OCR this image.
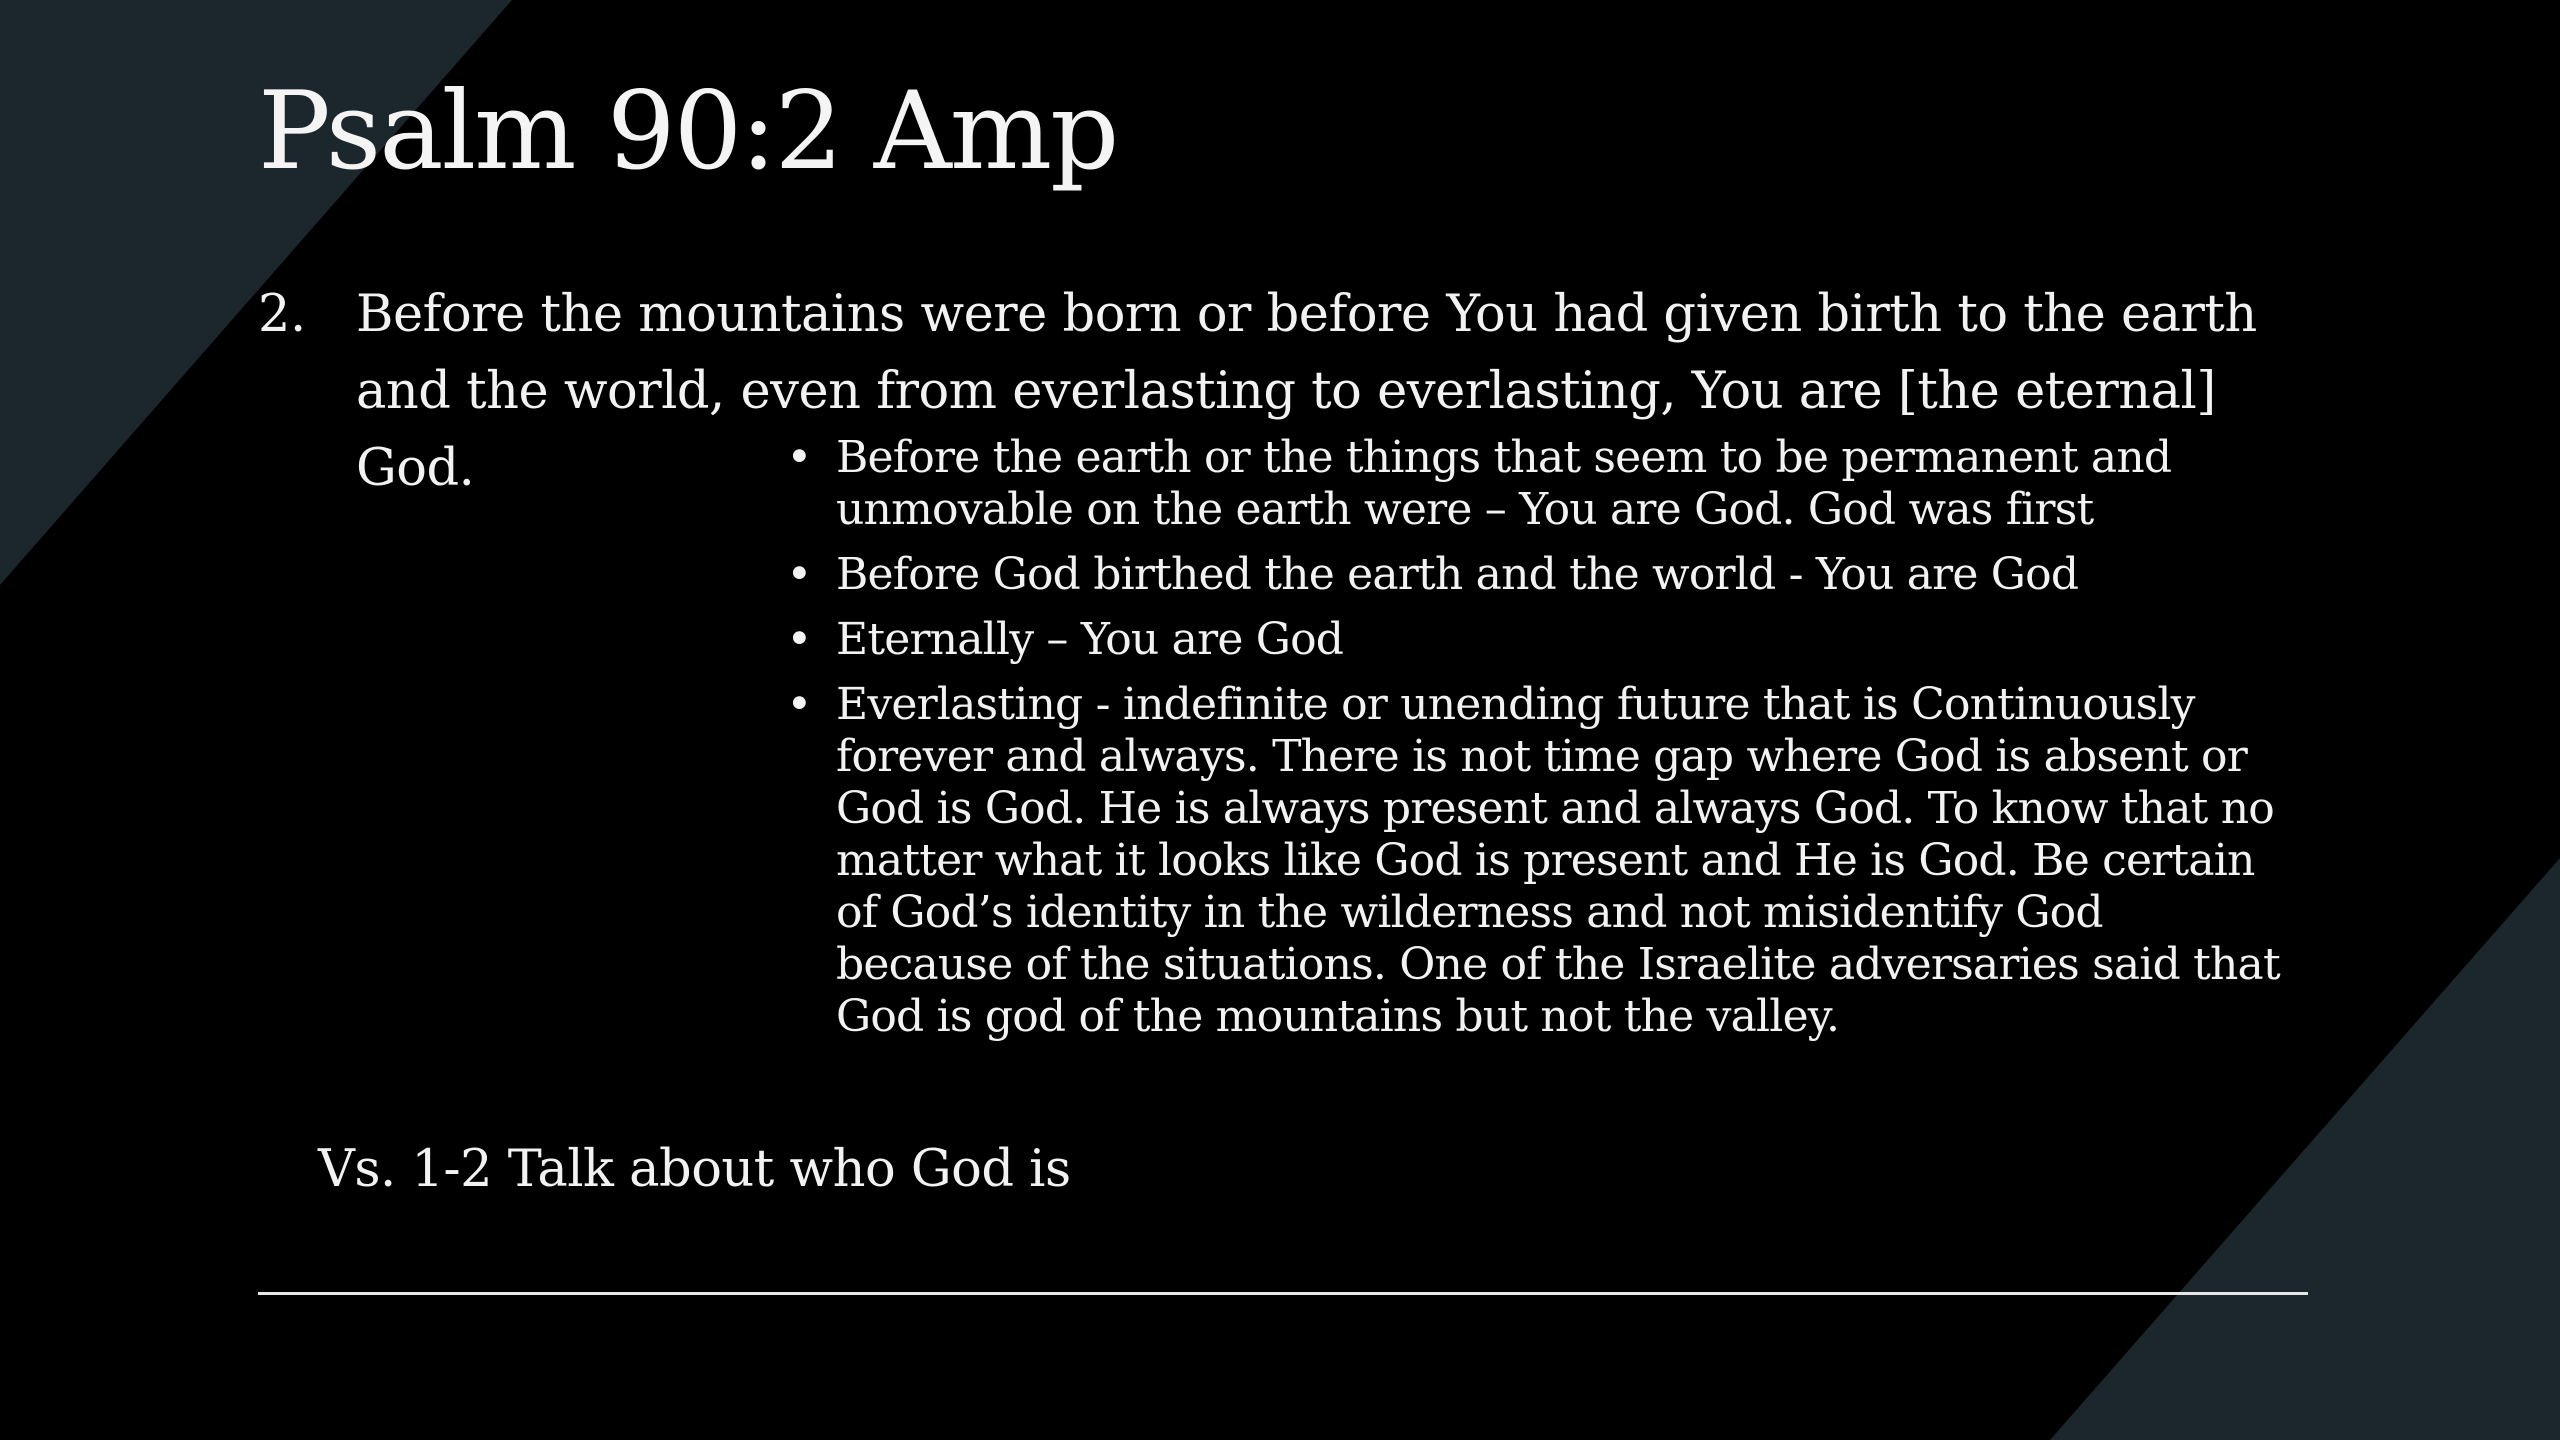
Psalm 90:2 Amp
2. Before the mountains were born or before You had given birth to the earth and the world, even from everlasting to everlasting, You are [the eternal] God.	• Before the earth or the things that seem to be permanent and unmovable on the earth were – You are God. God was first
• Before God birthed the earth and the world - You are God
• Eternally – You are God
• Everlasting - indefinite or unending future that is Continuously forever and always. There is not time gap where God is absent or God is God. He is always present and always God. To know that no matter what it looks like God is present and He is God. Be certain of God’s identity in the wilderness and not misidentify God because of the situations. One of the Israelite adversaries said that God is god of the mountains but not the valley.
Vs. 1-2 Talk about who God is
